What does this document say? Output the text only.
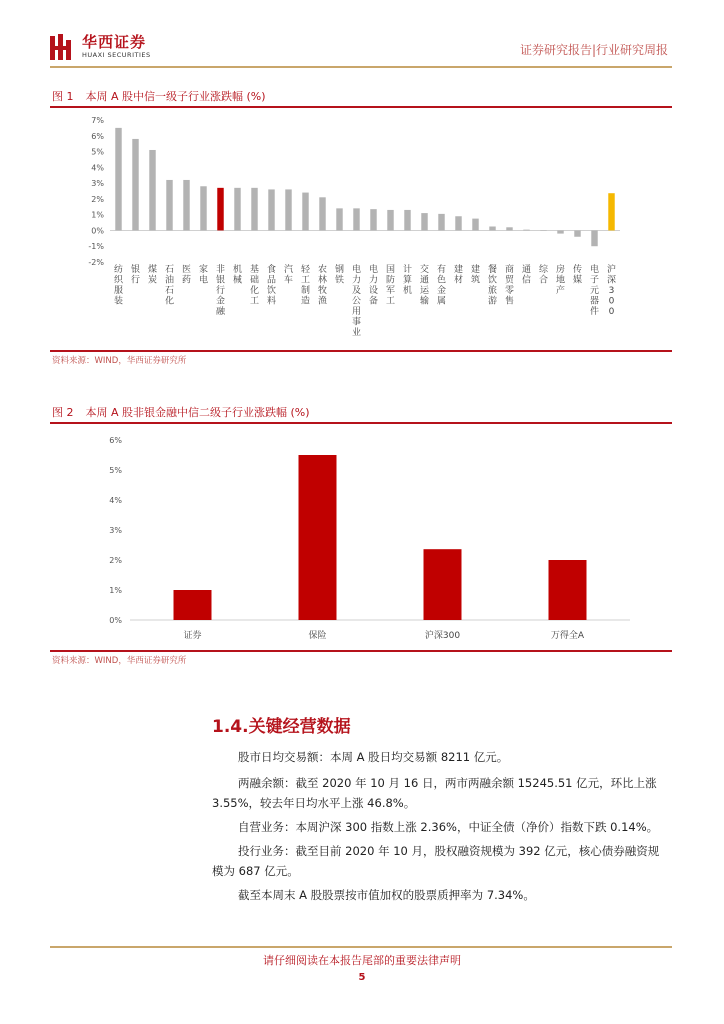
华西证券
HUAXI SECURITIES	证券研究报告|行业研究周报
图 1 本周 A 股中信一级子行业涨跌幅 (%)
-2%
-1%
0%
1%
2%
3%
4%
5%
6%
7%
纺织服装
银行
煤炭
石油石化
医药
家电
非银行金融
机械
基础化工
食品饮料
汽车
轻工制造
农林牧渔
钢铁
电力及公用事业
电力设备
国防军工
计算机
交通运输
有色金属
建材
建筑
餐饮旅游
商贸零售
通信
综合
房地产
传媒
电子元器件
沪深 3 0 0
资料来源：WIND，华西证券研究所
图 2 本周 A 股非银金融中信二级子行业涨跌幅 (%)
0%
1%
2%
3%
4%
5%
6%
证券	保险	沪深300	万得全A
资料来源：WIND，华西证券研究所
1.4.关键经营数据
股市日均交易额：本周 A 股日均交易额 8211 亿元。
两融余额：截至 2020 年 10 月 16 日，两市两融余额 15245.51 亿元，环比上涨
3.55%，较去年日均水平上涨 46.8%。
自营业务：本周沪深 300 指数上涨 2.36%，中证全债（净价）指数下跌 0.14%。
投行业务：截至目前 2020 年 10 月，股权融资规模为 392 亿元，核心债券融资规
模为 687 亿元。
截至本周末 A 股股票按市值加权的股票质押率为 7.34%。
请仔细阅读在本报告尾部的重要法律声明
5
